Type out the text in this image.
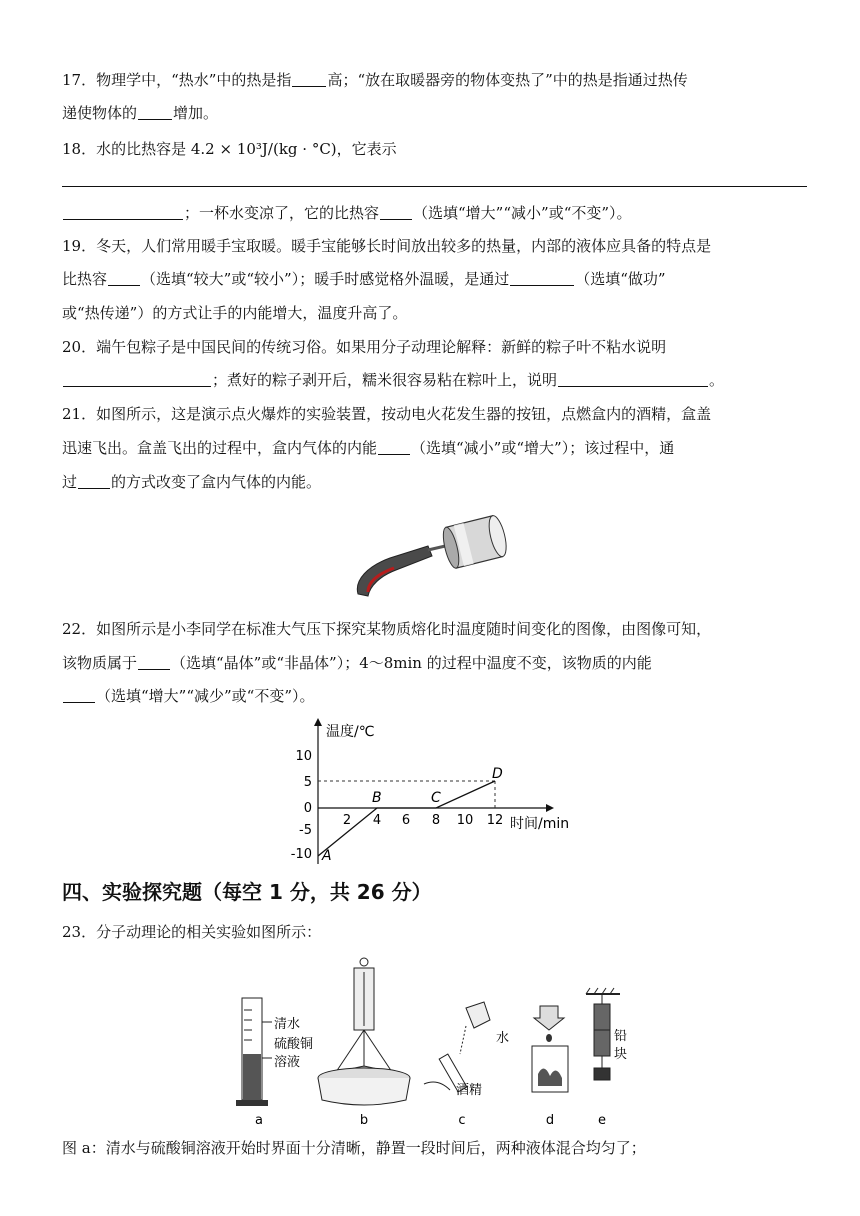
17．物理学中，“热水”中的热是指 高；“放在取暖器旁的物体变热了”中的热是指通过热传
递使物体的 增加。
18．水的比热容是 4.2 × 10³J/(kg · °C)，它表示
；一杯水变凉了，它的比热容 （选填“增大”“减小”或“不变”）。
19．冬天，人们常用暖手宝取暖。暖手宝能够长时间放出较多的热量，内部的液体应具备的特点是
比热容 （选填“较大”或“较小”）；暖手时感觉格外温暖，是通过	（选填“做功”
或“热传递”）的方式让手的内能增大，温度升高了。
20．端午包粽子是中国民间的传统习俗。如果用分子动理论解释：新鲜的粽子叶不粘水说明
；煮好的粽子剥开后，糯米很容易粘在粽叶上，说明	。
21．如图所示，这是演示点火爆炸的实验装置，按动电火花发生器的按钮，点燃盒内的酒精，盒盖
迅速飞出。盒盖飞出的过程中，盒内气体的内能 （选填“减小”或“增大”）；该过程中，通
过 的方式改变了盒内气体的内能。
22．如图所示是小李同学在标准大气压下探究某物质熔化时温度随时间变化的图像，由图像可知，
该物质属于 （选填“晶体”或“非晶体”）；4～8min 的过程中温度不变，该物质的内能
（选填“增大”“减少”或“不变”）。
温度/℃
时间/min
10
5
0
-5
-10
2 4 6 8 10 12
A
B	C
D
四、实验探究题（每空 1 分，共 26 分）
23．分子动理论的相关实验如图所示：
清水
硫酸铜
溶液
a	b
水
酒精
c	d
铅
块
e
图 a：清水与硫酸铜溶液开始时界面十分清晰，静置一段时间后，两种液体混合均匀了；
